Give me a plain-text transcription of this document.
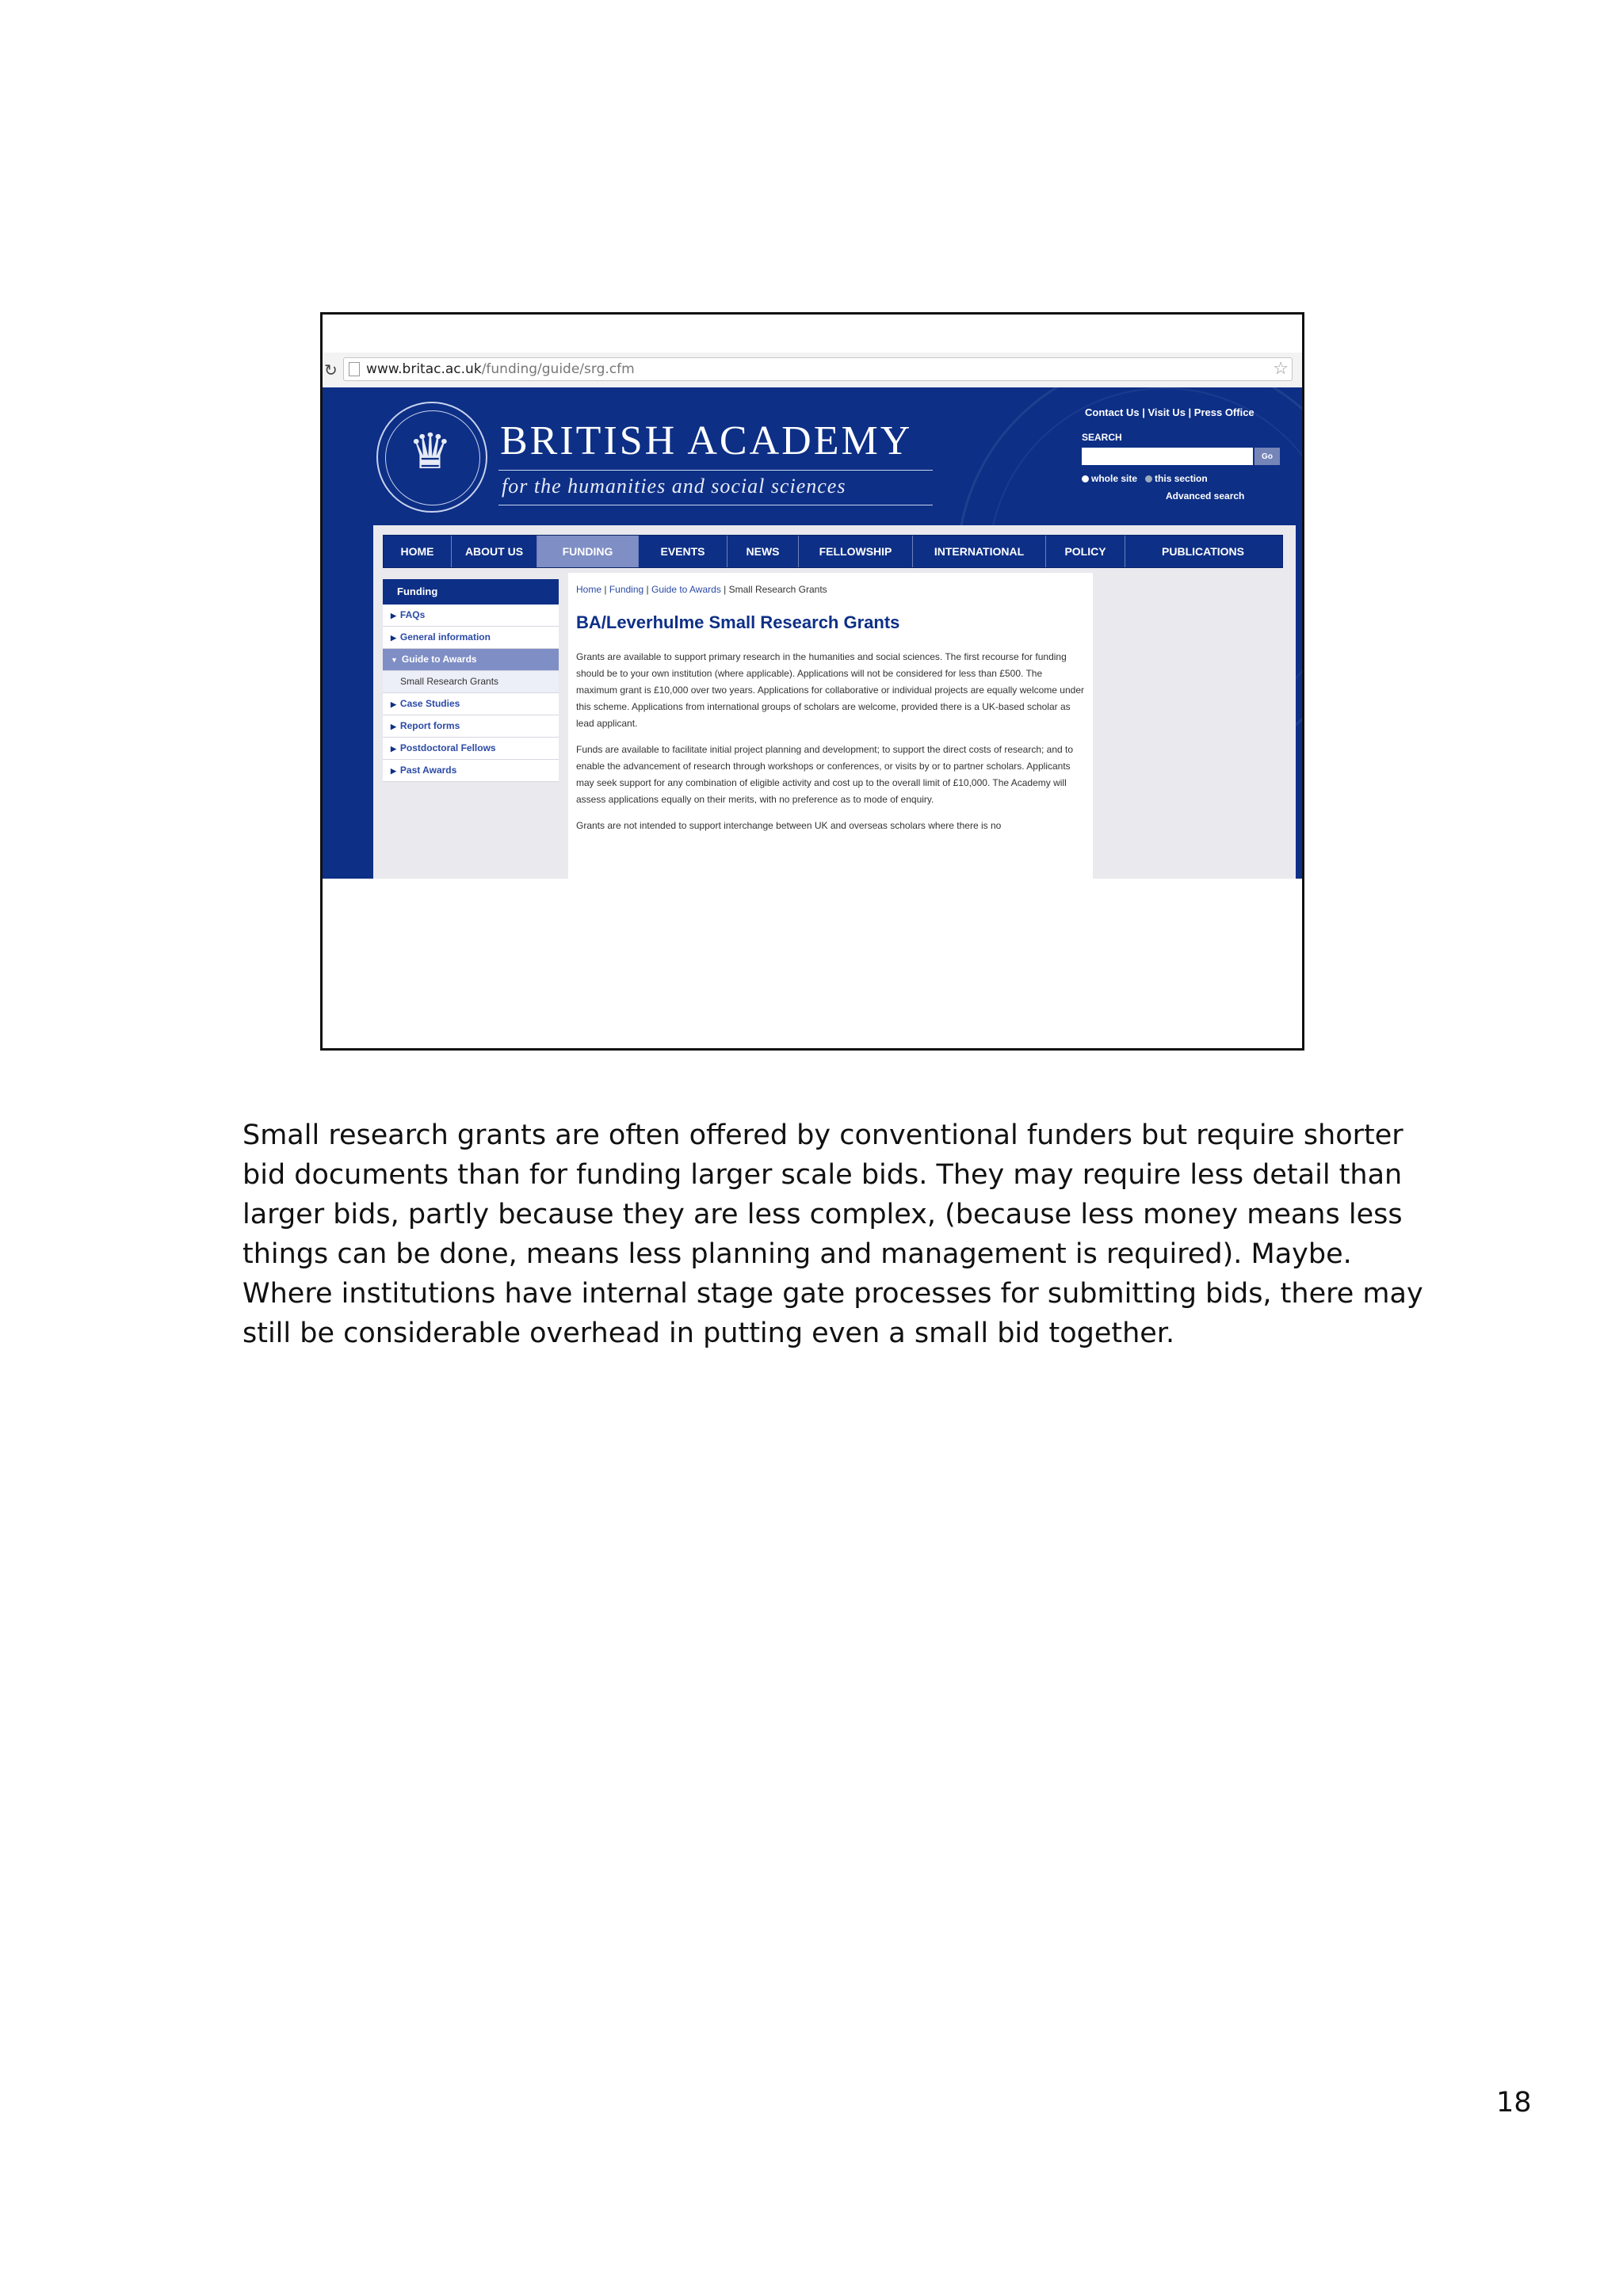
↻ www.britac.ac.uk/funding/guide/srg.cfm	☆
♛ BRITISH ACADEMY
for the humanities and social sciences
Contact Us | Visit Us | Press Office
SEARCH
Go
whole site this section
Advanced search
HOME	ABOUT US	FUNDING	EVENTS	NEWS	FELLOWSHIP	INTERNATIONAL	POLICY	PUBLICATIONS
Funding
▶ FAQs
▶ General information
▼ Guide to Awards
Small Research Grants
▶ Case Studies
▶ Report forms
▶ Postdoctoral Fellows
▶ Past Awards
Home | Funding | Guide to Awards | Small Research Grants
BA/Leverhulme Small Research Grants

Grants are available to support primary research in the humanities and social sciences. The first recourse for funding should be to your own institution (where applicable). Applications will not be considered for less than £500. The maximum grant is £10,000 over two years. Applications for collaborative or individual projects are equally welcome under this scheme. Applications from international groups of scholars are welcome, provided there is a UK-based scholar as lead applicant.

Funds are available to facilitate initial project planning and development; to support the direct costs of research; and to enable the advancement of research through workshops or conferences, or visits by or to partner scholars. Applicants may seek support for any combination of eligible activity and cost up to the overall limit of £10,000. The Academy will assess applications equally on their merits, with no preference as to mode of enquiry.

Grants are not intended to support interchange between UK and overseas scholars where there is no

Small research grants are often offered by conventional funders but require shorter
bid documents than for funding larger scale bids. They may require less detail than
larger bids, partly because they are less complex, (because less money means less
things can be done, means less planning and management is required). Maybe.
Where institutions have internal stage gate processes for submitting bids, there may
still be considerable overhead in putting even a small bid together.
18
